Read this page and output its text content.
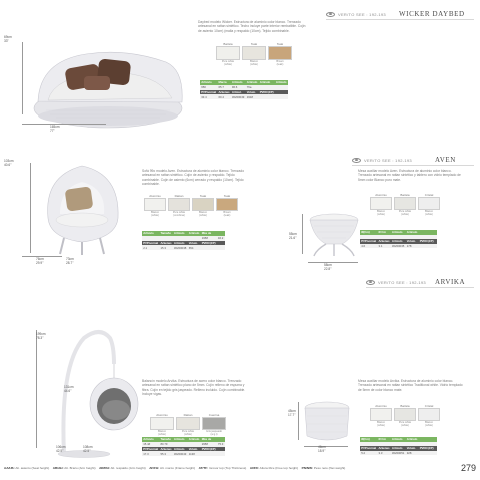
VER/TO SEE : 192-193 WICKER DAYBED

Daybed modelo Wicker. Estructura de aluminio color blanco. Trenzado artesanal en rattan sintético. Techo incluye parte interior rembatible. Cojín de asiento 10cm) (malla y respaldo (10cm). Tejido combinable.

69cm
33"
165cm
77"
Batista
Pure white
(white)
Teak
Blanco
(white)
Teak
Brown
(teak)
Artículo	Marca	Artículo	Artículo	Artículo	Artículo
65#	65.7	96.6	76a		
PVPnormal	Arkenas	Articul.	Volum.	PVDN (€P)	
33.4	60.4	30200049	1918		
VER/TO SEE : 192-193	AVEN

Sofá 99o modelo Aven. Estructura de aluminio color blanco. Trenzado artesanal en rattan sintético. Cojín de asiento y respaldo. Tejido combinable. Cojín de asiento (6cm) cerrado y respaldo (10cm). Tejido combinable.

Mesa auxiliar modelo Aven. Estructura de aluminio color blanco. Trenzado artesanal en rattan sintético y tablero con vidrio templado de 5mm color Blanco puro mate.

103cm
40.6"
76cm
29.9"
73cm
28.7"
55cm
21.6"
58cm
22.8"
Aluminio
Blanco
(white)
Rattan
Pure white
(combina)
Teak
Blanco
(white)
Teak
Brown
(teak)
Artículo	Tamaño	Artículo	Artículo	Más de	
				1958	46.2
PVPnormal	Arkenas	Articulo	Volum.	PVDN (€P)	
2.1	15.3	30200038	654		
Aluminio
Blanco
(white)
Batista
Pure white
(white)
Cristal
Blanco
(white)
Ø(Cm)	Ø Cm	Artículo	Artículo		

PVPnormal	Arkenas	Articulo	Volum.	PVDN (€P)	
4.6	3.1	30200035	178		
VER/TO SEE : 192-193 ARVIKA

Balancín modelo Arvika. Estructura de acero color blanco. Trenzado artesanal en rattan sintético plano de 5mm. Cojín relleno de espuma y fibra. Cojín en tejido gris jaspeado. Relleno incluido. Cojín combinable. Incluye vigas.

Mesa auxiliar modelo Arvika. Estructura de aluminio color blanco. Trenzado artesanal en rattan sintético Traditional white. Vidrio templado de 5mm de color blanco mate.

199cm
78.3"
131cm
44.6"
106cm
42.5"
108cm
42.5"
45cm
17.7"
46cm
18.9"
Aluminio
Blanco
(white)
Rattan
Pure white
(white)
Cuerina
Gris jaspeado
(w.g.t)
Artículo	Tamaño	Artículo	Artículo	Más de	
15.4#	80.79			2958	75.3
PVPnormal	Arkenas	Articulo	Volum.	PVDN (€P)	
17.3	55.3	30200043	1138		
Aluminio
Blanco
(white)
Batista
Pure white
(white)
Cristal
Blanco
(white)
Ø(Cm)	Ø Cm	Artículo	Artículo		

PVPnormal	Arkenas	Articulo	Volum.	PVDN (€P)	
5.2	3.3	30200051	328		
AA/HS: Alt. asiento (Seat height) AB/AH: Alt. Brazo (Arm height) AR/RH: Alt. respaldo (Arm height) AF/FH: Alt. marco (Frame height) AT/TF: Grosor top (Top Thickness) AI/FD: Altura libre (Free top height) PN/NW: Peso neto (Net weight)	279
